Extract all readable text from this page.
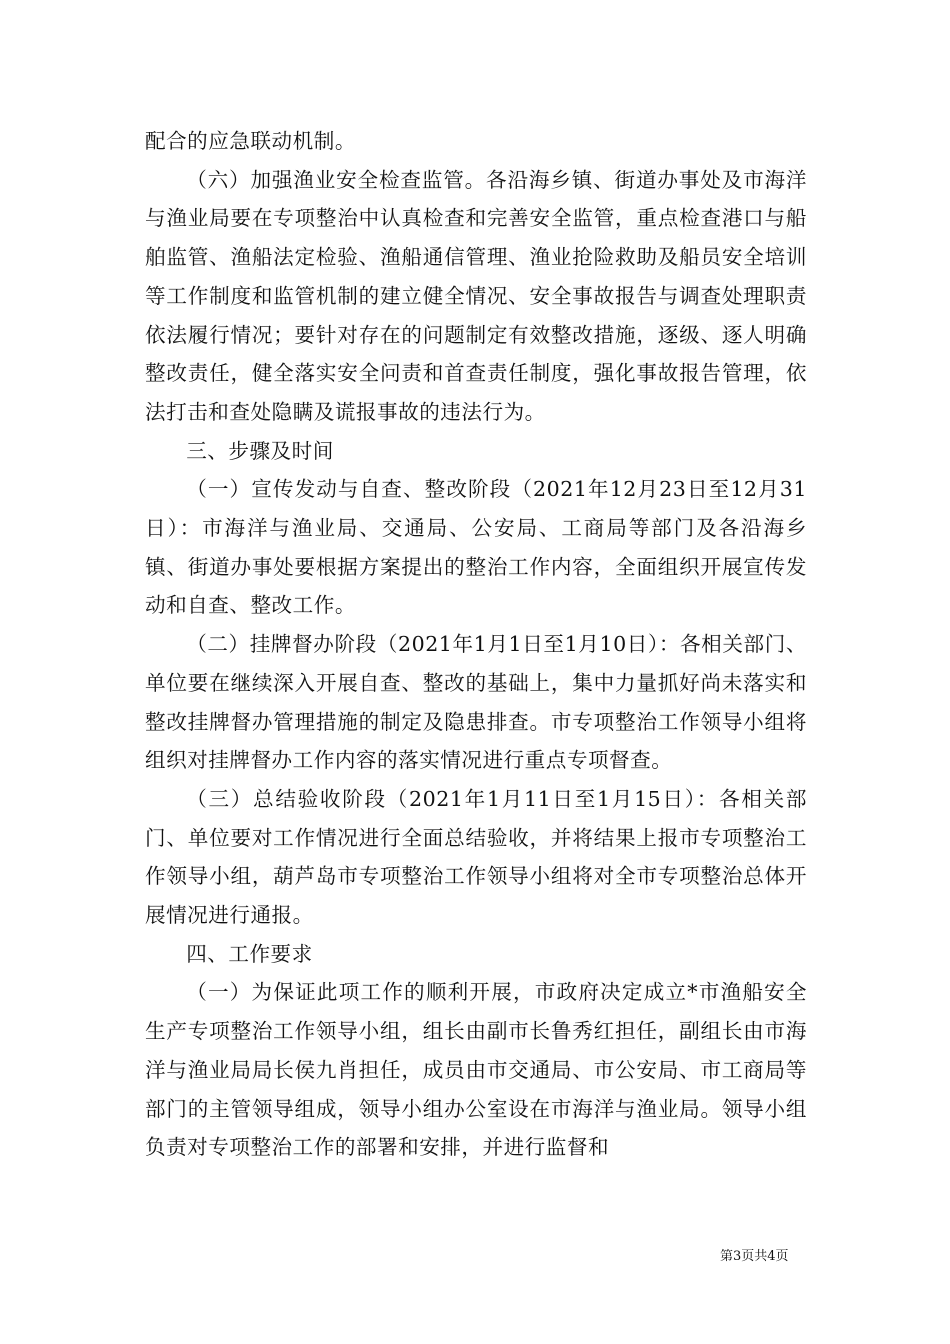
配合的应急联动机制。

（六）加强渔业安全检查监管。各沿海乡镇、街道办事处及市海洋与渔业局要在专项整治中认真检查和完善安全监管，重点检查港口与船舶监管、渔船法定检验、渔船通信管理、渔业抢险救助及船员安全培训等工作制度和监管机制的建立健全情况、安全事故报告与调查处理职责依法履行情况；要针对存在的问题制定有效整改措施，逐级、逐人明确整改责任，健全落实安全问责和首查责任制度，强化事故报告管理，依法打击和查处隐瞒及谎报事故的违法行为。

三、步骤及时间

（一）宣传发动与自查、整改阶段（2021年12月23日至12月31日）：市海洋与渔业局、交通局、公安局、工商局等部门及各沿海乡镇、街道办事处要根据方案提出的整治工作内容，全面组织开展宣传发动和自查、整改工作。

（二）挂牌督办阶段（2021年1月1日至1月10日）：各相关部门、单位要在继续深入开展自查、整改的基础上，集中力量抓好尚未落实和整改挂牌督办管理措施的制定及隐患排查。市专项整治工作领导小组将组织对挂牌督办工作内容的落实情况进行重点专项督查。

（三）总结验收阶段（2021年1月11日至1月15日）：各相关部门、单位要对工作情况进行全面总结验收，并将结果上报市专项整治工作领导小组，葫芦岛市专项整治工作领导小组将对全市专项整治总体开展情况进行通报。

四、工作要求

（一）为保证此项工作的顺利开展，市政府决定成立*市渔船安全生产专项整治工作领导小组，组长由副市长鲁秀红担任，副组长由市海洋与渔业局局长侯九肖担任，成员由市交通局、市公安局、市工商局等部门的主管领导组成，领导小组办公室设在市海洋与渔业局。领导小组负责对专项整治工作的部署和安排，并进行监督和

第3页共4页
